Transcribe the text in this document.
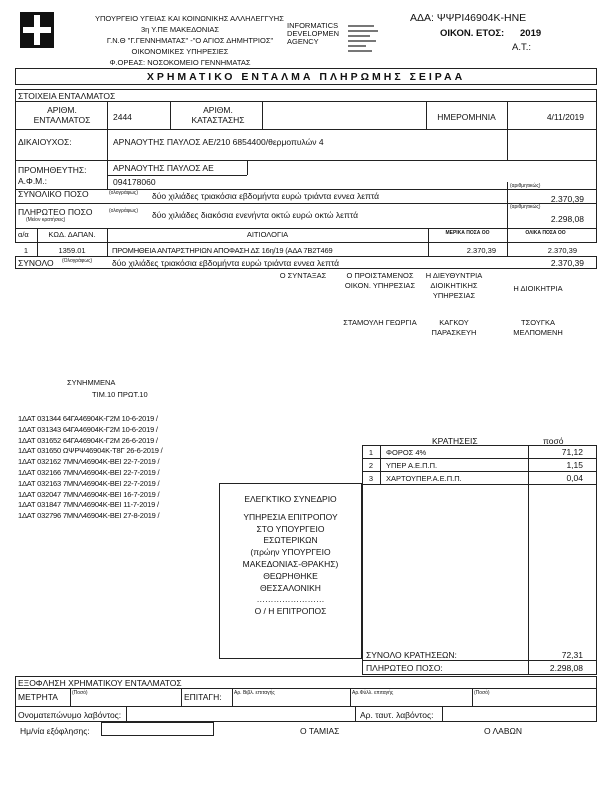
ΥΠΟΥΡΓΕΙΟ ΥΓΕΙΑΣ ΚΑΙ ΚΟΙΝΩΝΙΚΗΣ ΑΛΛΗΛΕΓΓΥΗΣ
3η Υ.ΠΕ ΜΑΚΕΔΟΝΙΑΣ
Γ.Ν.Θ "Γ.ΓΕΝΝΗΜΑΤΑΣ" -"Ο ΑΓΙΟΣ ΔΗΜΗΤΡΙΟΣ"
ΟΙΚΟΝΟΜΙΚΕΣ ΥΠΗΡΕΣΙΕΣ
Φ.ΟΡΕΑΣ: ΝΟΣΟΚΟΜΕΙΟ ΓΕΝΝΗΜΑΤΑΣ
INFORMATICS
DEVELOPMEN
AGENCY
ΑΔΑ: ΨΨΡΙ46904Κ-ΗΝΕ
ΟΙΚΟΝ. ΕΤΟΣ: 2019
Α.Τ.:
ΧΡΗΜΑΤΙΚΟ ΕΝΤΑΛΜΑ ΠΛΗΡΩΜΗΣ ΣΕΙΡΑΑ
ΣΤΟΙΧΕΙΑ ΕΝΤΑΛΜΑΤΟΣ
ΑΡΙΘΜ. ΕΝΤΑΛΜΑΤΟΣ	2444
ΑΡΙΘΜ. ΚΑΤΑΣΤΑΣΗΣ	ΗΜΕΡΟΜΗΝΙΑ	4/11/2019
ΔΙΚΑΙΟΥΧΟΣ:	ΑΡΝΑΟΥΤΗΣ ΠΑΥΛΟΣ ΑΕ/210 6854400/θερμοπυλών 4
ΠΡΟΜΗΘΕΥΤΗΣ:
Α.Φ.Μ.:
ΑΡΝΑΟΥΤΗΣ ΠΑΥΛΟΣ ΑΕ
094178060
ΣΥΝΟΛΙΚΟ ΠΟΣΟ	(ολογράφως) δύο χιλιάδες τριακόσια εβδομήντα ευρώ τριάντα εννεα λεπτά
(αριθμητικώς)
2.370,39
ΠΛΗΡΩΤΕΟ ΠΟΣΟ
(Μείον κρατήσεις)
(ολογράφως) δύο χιλιάδες διακόσια ενενήντα οκτώ ευρώ οκτώ λεπτά
(αριθμητικώς)
2.298,08
α/α	ΚΩΔ. ΔΑΠΑΝ.	ΑΙΤΙΟΛΟΓΙΑ	ΜΕΡΙΚΑ ΠΟΣΑ ΟΟ	ΟΛΙΚΑ ΠΟΣΑ ΟΟ
1	1359.01	ΠΡΟΜΗΘΕΙΑ ΑΝΤΑΡΣΤΗΡΙΩΝ ΑΠΟΦΑΣΗ ΔΣ 16η/19 (ΑΔΑ 7Β2Τ469	2.370,39	2.370,39
ΣΥΝΟΛΟ (Ολογράφως) δύο χιλιάδες τριακόσια εβδομήντα ευρώ τριάντα εννεα λεπτά	2.370,39
Ο ΣΥΝΤΑΞΑΣ	Ο ΠΡΟΙΣΤΑΜΕΝΟΣ
ΟΙΚΟΝ. ΥΠΗΡΕΣΙΑΣ
Η ΔΙΕΥΘΥΝΤΡΙΑ
ΔΙΟΙΚΗΤΙΚΗΣ
ΥΠΗΡΕΣΙΑΣ
Η ΔΙΟΙΚΗΤΡΙΑ
ΣΤΑΜΟΥΛΗ ΓΕΩΡΓΙΑ	ΚΑΓΚΟΥ
ΠΑΡΑΣΚΕΥΗ
ΤΣΟΥΓΚΑ
ΜΕΛΠΟΜΕΝΗ
ΣΥΝΗΜΜΕΝΑ
ΤΙΜ.10 ΠΡΩΤ.10
1ΔΑΤ 031344 64ΓΑ46904Κ-Γ2Μ 10-6-2019 /
1ΔΑΤ 031343 64ΓΑ46904Κ-Γ2Μ 10-6-2019 /
1ΔΑΤ 031652 64ΓΑ46904Κ-Γ2Μ 26-6-2019 /
1ΔΑΤ 031650 ΩΨΡΨ46904Κ-Τ8Γ 26-6-2019 /
1ΔΑΤ 032162 7ΜΝΛ46904Κ-ΒΕΙ 22-7-2019 /
1ΔΑΤ 032166 7ΜΝΛ46904Κ-ΒΕΙ 22-7-2019 /
1ΔΑΤ 032163 7ΜΝΛ46904Κ-ΒΕΙ 22-7-2019 /
1ΔΑΤ 032047 7ΜΝΛ46904Κ-ΒΕΙ 16-7-2019 /
1ΔΑΤ 031847 7ΜΝΛ46904Κ-ΒΕΙ 11-7-2019 /
1ΔΑΤ 032796 7ΜΝΛ46904Κ-ΒΕΙ 27-8-2019 /
ΕΛΕΓΚΤΙΚΟ ΣΥΝΕΔΡΙΟ
ΥΠΗΡΕΣΙΑ ΕΠΙΤΡΟΠΟΥ
ΣΤΟ ΥΠΟΥΡΓΕΙΟ
ΕΣΩΤΕΡΙΚΩΝ
(πρώην ΥΠΟΥΡΓΕΙΟ
ΜΑΚΕΔΟΝΙΑΣ-ΘΡΑΚΗΣ)
ΘΕΩΡΗΘΗΚΕ
ΘΕΣΣΑΛΟΝΙΚΗ
……………………
Ο / Η ΕΠΙΤΡΟΠΟΣ
ΚΡΑΤΗΣΕΙΣ	ποσό
1	ΦΟΡΟΣ 4%	71,12
2	ΥΠΕΡ Α.Ε.Π.Π.	1,15
3	ΧΑΡΤΟΥΠΕΡ.Α.Ε.Π.Π.	0,04
ΣΥΝΟΛΟ ΚΡΑΤΗΣΕΩΝ:	72,31
ΠΛΗΡΩΤΕΟ ΠΟΣΟ:	2.298,08
ΕΞΟΦΛΗΣΗ ΧΡΗΜΑΤΙΚΟΥ ΕΝΤΑΛΜΑΤΟΣ
ΜΕΤΡΗΤΑ	(Ποσό)	ΕΠΙΤΑΓΗ: Αρ. Βιβλ. επιταγής	Αρ.Φύλλ. επιταγής	(Ποσό)
Ονοματεπώνυμο λαβόντος:	Αρ. ταυτ. λαβόντος:
Ημ/νία εξόφλησης:	Ο ΤΑΜΙΑΣ	Ο ΛΑΒΩΝ
